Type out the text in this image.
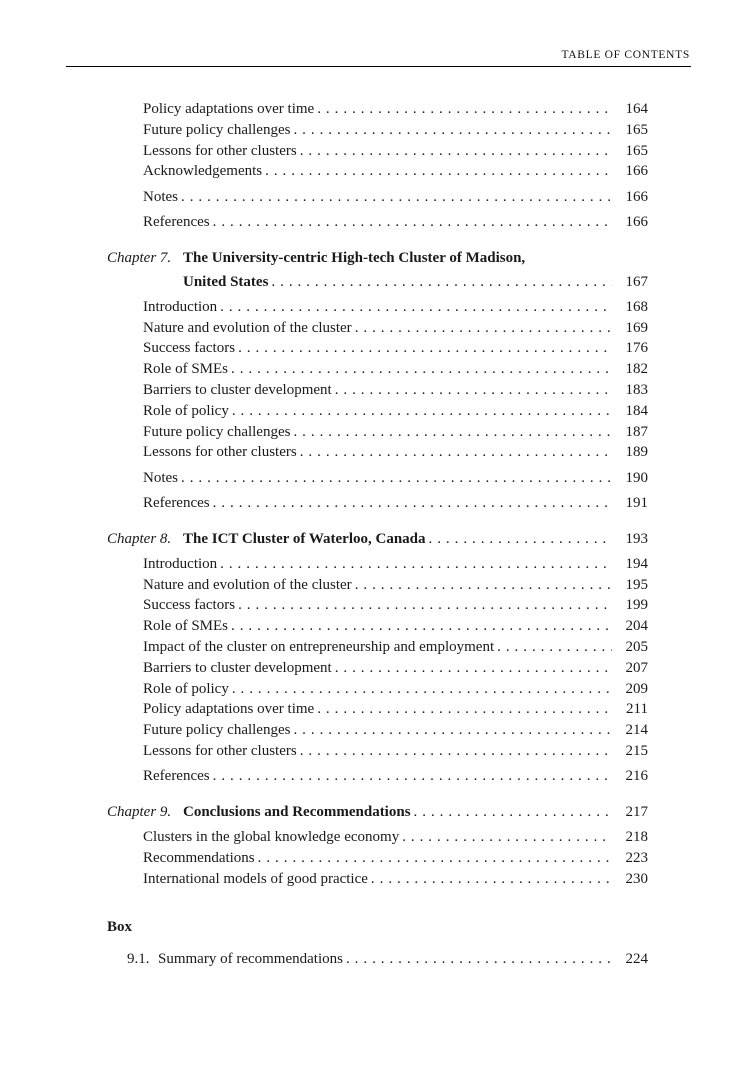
TABLE OF CONTENTS
Policy adaptations over time . . .	164
Future policy challenges . . .	165
Lessons for other clusters . . .	165
Acknowledgements . . .	166
Notes . . .	166
References . . .	166
Chapter 7. The University-centric High-tech Cluster of Madison,
United States . . .	167
Introduction . . .	168
Nature and evolution of the cluster . . .	169
Success factors . . .	176
Role of SMEs . . .	182
Barriers to cluster development . . .	183
Role of policy . . .	184
Future policy challenges . . .	187
Lessons for other clusters . . .	189
Notes . . .	190
References . . .	191
Chapter 8. The ICT Cluster of Waterloo, Canada . . .	193
Introduction . . .	194
Nature and evolution of the cluster . . .	195
Success factors . . .	199
Role of SMEs . . .	204
Impact of the cluster on entrepreneurship and employment . . .	205
Barriers to cluster development . . .	207
Role of policy . . .	209
Policy adaptations over time . . .	211
Future policy challenges . . .	214
Lessons for other clusters . . .	215
References . . .	216
Chapter 9. Conclusions and Recommendations . . .	217
Clusters in the global knowledge economy . . .	218
Recommendations . . .	223
International models of good practice . . .	230
Box
9.1. Summary of recommendations . . .	224
